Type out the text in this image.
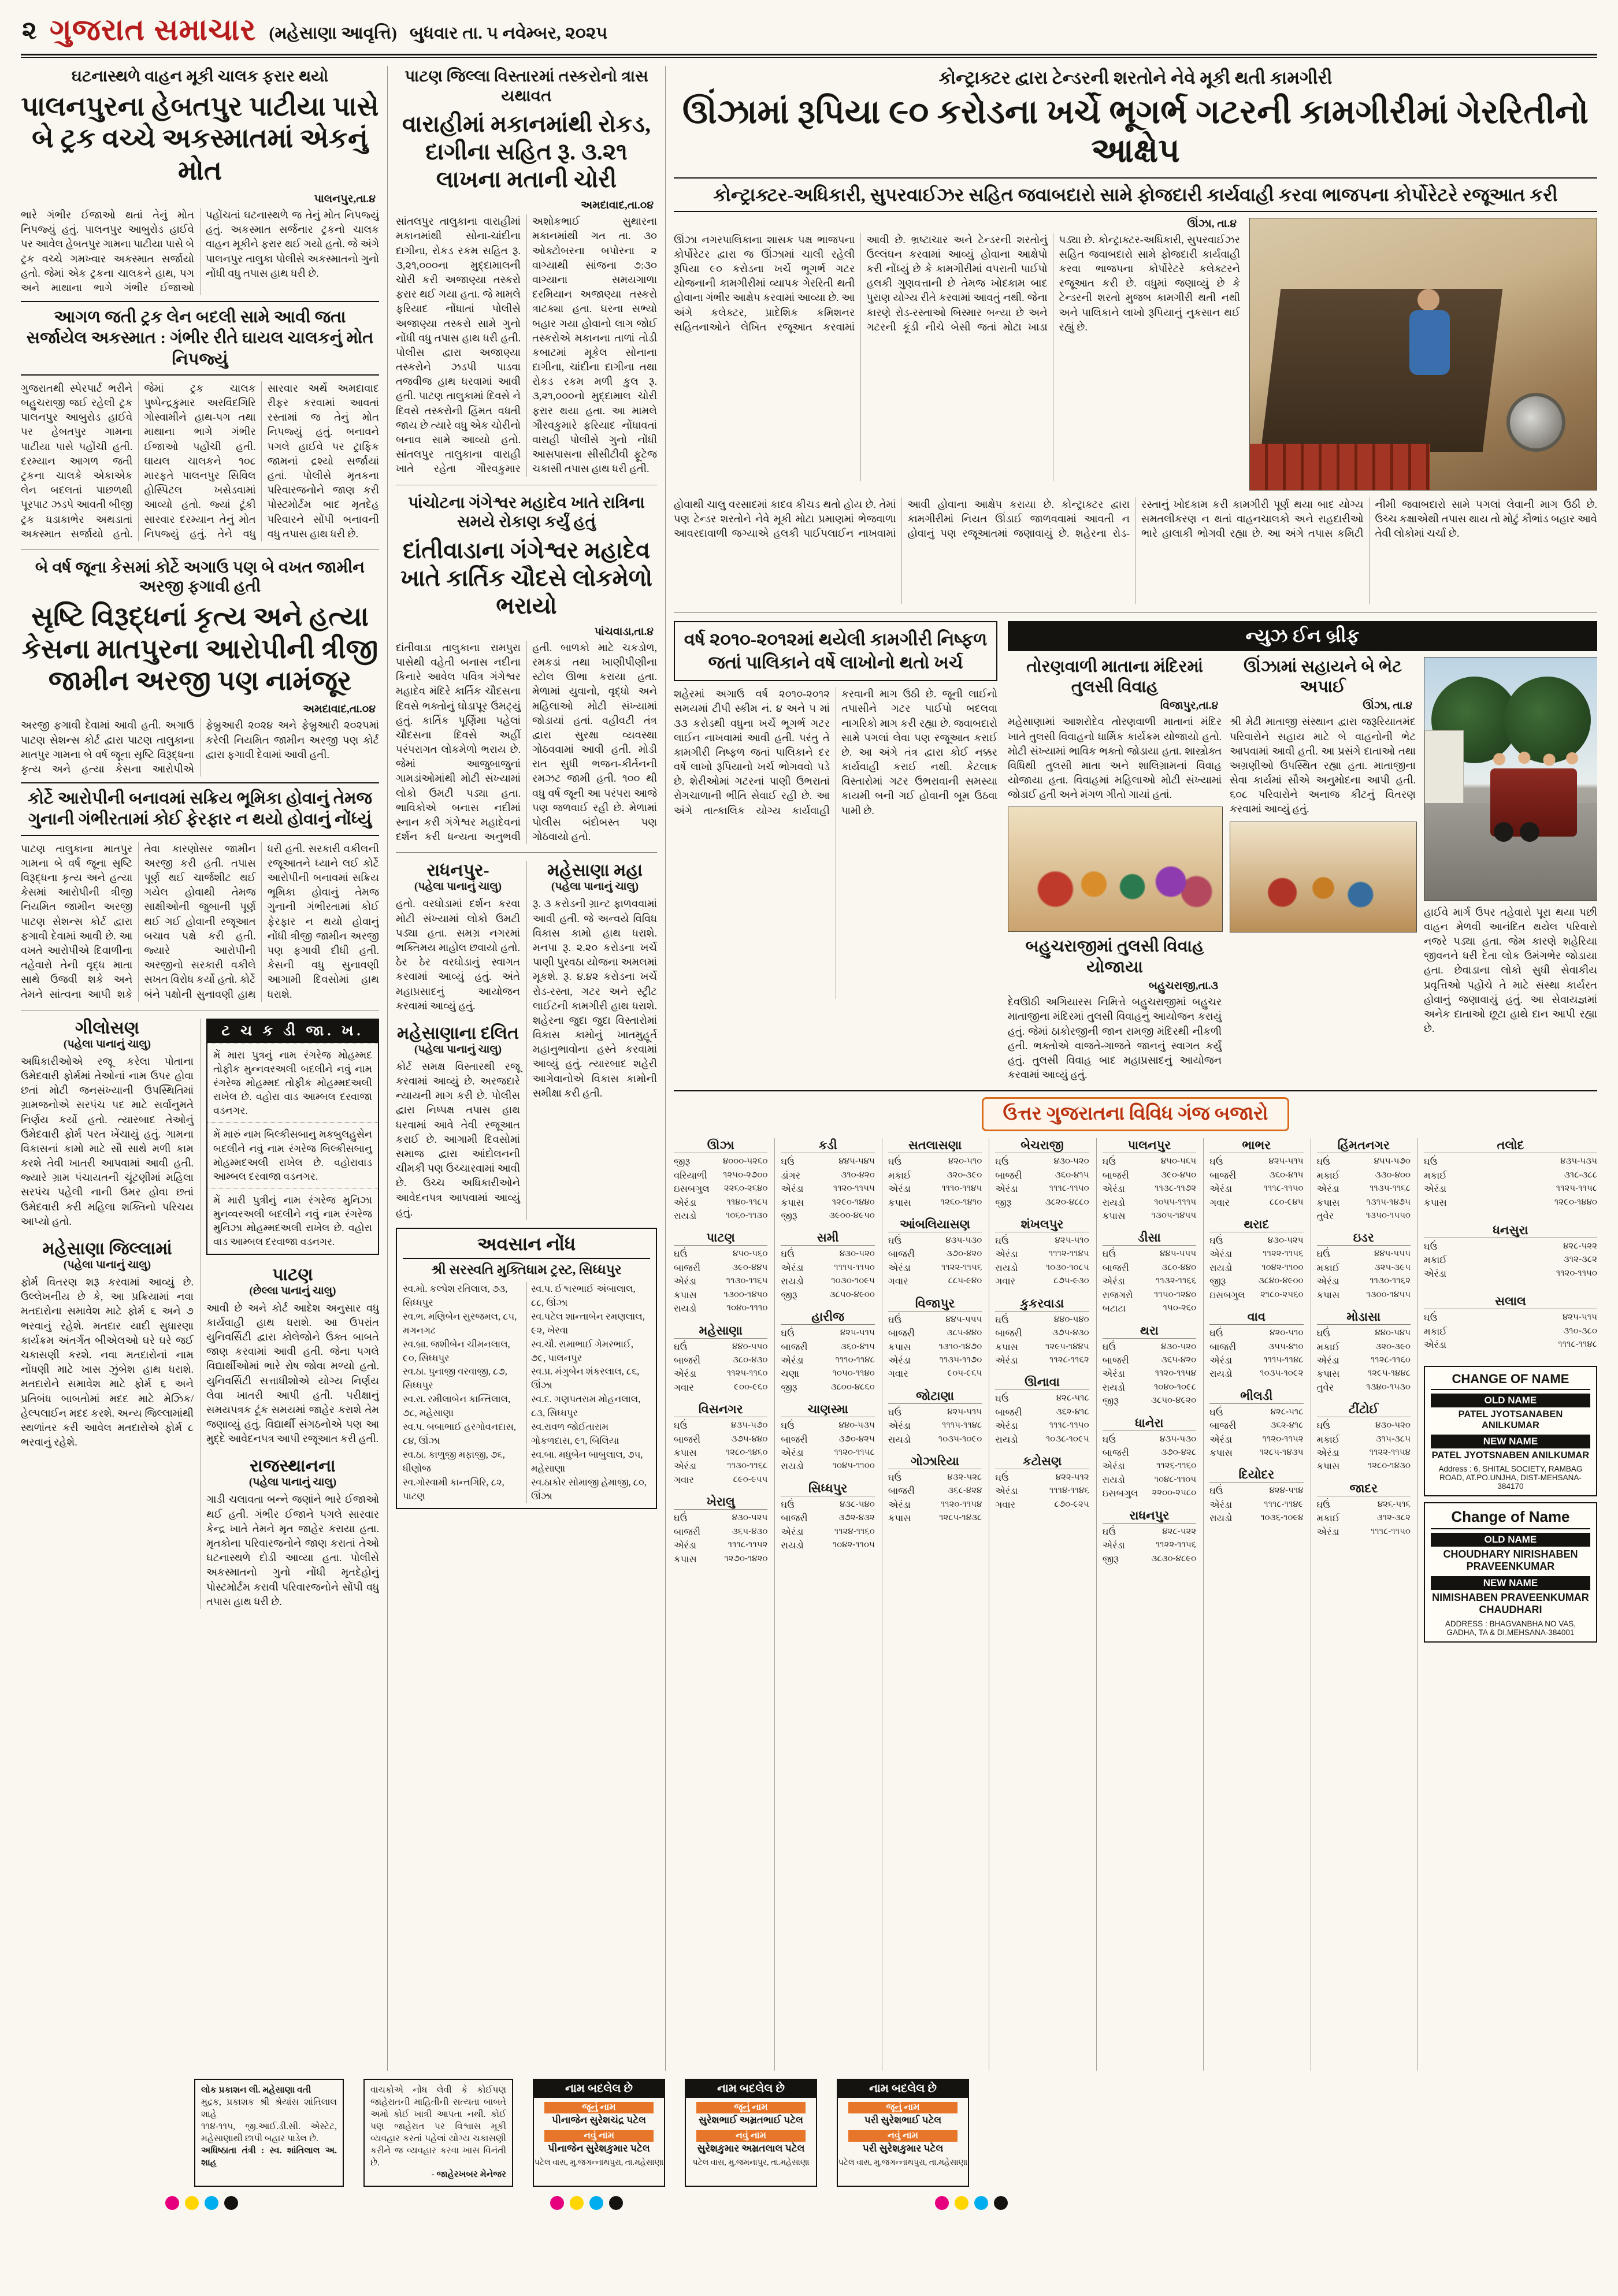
૨ ગુજરાત સમાચાર (મહેસાણા આવૃત્તિ) બુધવાર તા. ૫ નવેમ્બર, ૨૦૨૫
ઘટનાસ્થળે વાહન મૂકી ચાલક ફરાર થયો
પાલનપુરના હેબતપુર પાટીયા પાસે બે ટ્રક વચ્ચે અકસ્માતમાં એકનું મોત
પાલનપુર,તા.૪

ભારે ગંભીર ઈજાઓ થતાં તેનું મોત નિપજ્યું હતું. પાલનપુર આબુરોડ હાઈવે પર આવેલ હેબતપુર ગામના પાટીયા પાસે બે ટ્રક વચ્ચે ગમખ્વાર અકસ્માત સર્જાયો હતો. જેમાં એક ટ્રકના ચાલકને હાથ, પગ અને માથાના ભાગે ગંભીર ઈજાઓ પહોંચતાં ઘટનાસ્થળે જ તેનું મોત નિપજ્યું હતું. અકસ્માત સર્જનાર ટ્રકનો ચાલક વાહન મૂકીને ફરાર થઈ ગયો હતો. જે અંગે પાલનપુર તાલુકા પોલીસે અકસ્માતનો ગુનો નોંધી વધુ તપાસ હાથ ધરી છે.

આગળ જતી ટ્રક લેન બદલી સામે આવી જતા સર્જાયેલ અકસ્માત : ગંભીર રીતે ઘાયલ ચાલકનું મોત નિપજ્યું

ગુજરાતથી સ્પેરપાર્ટ ભરીને બહુચરાજી જઈ રહેલી ટ્રક પાલનપુર આબુરોડ હાઈવે પર હેબતપુર ગામના પાટીયા પાસે પહોંચી હતી. દરમ્યાન આગળ જતી ટ્રકના ચાલકે એકાએક લેન બદલતાં પાછળથી પૂરપાટ ઝડપે આવતી બીજી ટ્રક ધડાકાભેર અથડાતાં અકસ્માત સર્જાયો હતો. જેમાં ટ્રક ચાલક પુષ્પેન્દ્રકુમાર અરવિંદગિરિ ગોસ્વામીને હાથ-પગ તથા માથાના ભાગે ગંભીર ઈજાઓ પહોંચી હતી. ઘાયલ ચાલકને ૧૦૮ મારફતે પાલનપુર સિવિલ હોસ્પિટલ ખસેડવામાં આવ્યો હતો. જ્યાં ટૂંકી સારવાર દરમ્યાન તેનું મોત નિપજ્યું હતું. તેને વધુ સારવાર અર્થે અમદાવાદ રીફર કરવામાં આવતાં રસ્તામાં જ તેનું મોત નિપજ્યું હતું. બનાવને પગલે હાઈવે પર ટ્રાફિક જામનાં દ્રશ્યો સર્જાયાં હતાં. પોલીસે મૃતકના પરિવારજનોને જાણ કરી પોસ્ટમોર્ટમ બાદ મૃતદેહ પરિવારને સોંપી બનાવની વધુ તપાસ હાથ ધરી છે.

બે વર્ષ જૂના કેસમાં કોર્ટે અગાઉ પણ બે વખત જામીન અરજી ફગાવી હતી
સૃષ્ટિ વિરૂદ્ધનાં કૃત્ય અને હત્યા કેસના માતપુરના આરોપીની ત્રીજી જામીન અરજી પણ નામંજૂર
અમદાવાદ,તા.૦૪

અરજી ફગાવી દેવામાં આવી હતી. અગાઉ પાટણ સેશન્સ કોર્ટ દ્વારા પાટણ તાલુકાના માતપુર ગામના બે વર્ષ જૂના સૃષ્ટિ વિરૂદ્ધના કૃત્ય અને હત્યા કેસના આરોપીએ ફેબ્રુઆરી ૨૦૨૪ અને ફેબ્રુઆરી ૨૦૨૫માં કરેલી નિયમિત જામીન અરજી પણ કોર્ટ દ્વારા ફગાવી દેવામાં આવી હતી.

કોર્ટે આરોપીની બનાવમાં સક્રિય ભૂમિકા હોવાનું તેમજ ગુનાની ગંભીરતામાં કોઈ ફેરફાર ન થયો હોવાનું નોંધ્યું

પાટણ તાલુકાના માતપુર ગામના બે વર્ષ જૂના સૃષ્ટિ વિરૂદ્ધના કૃત્ય અને હત્યા કેસમાં આરોપીની ત્રીજી નિયમિત જામીન અરજી પાટણ સેશન્સ કોર્ટ દ્વારા ફગાવી દેવામાં આવી છે. આ વખતે આરોપીએ દિવાળીના તહેવારો તેની વૃદ્ધ માતા સાથે ઉજવી શકે અને તેમને સાંત્વના આપી શકે તેવા કારણોસર જામીન અરજી કરી હતી. તપાસ પૂર્ણ થઈ ચાર્જશીટ થઈ ગયેલ હોવાથી તેમજ સાક્ષીઓની જુબાની પૂર્ણ થઈ ગઈ હોવાની રજૂઆત બચાવ પક્ષે કરી હતી. જ્યારે આરોપીની અરજીનો સરકારી વકીલે સખત વિરોધ કર્યો હતો. કોર્ટે બંને પક્ષોની સુનાવણી હાથ ધરી હતી. સરકારી વકીલની રજૂઆતને ધ્યાને લઈ કોર્ટે આરોપીની બનાવમાં સક્રિય ભૂમિકા હોવાનું તેમજ ગુનાની ગંભીરતામાં કોઈ ફેરફાર ન થયો હોવાનું નોંધી ત્રીજી જામીન અરજી પણ ફગાવી દીધી હતી. કેસની વધુ સુનાવણી આગામી દિવસોમાં હાથ ધરાશે.

ગીલોસણ
(પહેલા પાનાનું ચાલુ)

અધિકારીઓએ રજૂ કરેલા પોતાના ઉમેદવારી ફોર્મમાં તેઓનાં નામ ઉપર હોવા છતાં મોટી જનસંખ્યાની ઉપસ્થિતિમાં ગ્રામજનોએ સરપંચ પદ માટે સર્વાનુમતે નિર્ણય કર્યો હતો. ત્યારબાદ તેઓનું ઉમેદવારી ફોર્મ પરત ખેંચાયું હતું. ગામના વિકાસનાં કામો માટે સૌ સાથે મળી કામ કરશે તેવી ખાતરી આપવામાં આવી હતી. જ્યારે ગ્રામ પંચાયતની ચૂંટણીમાં મહિલા સરપંચ પહેલી નાની ઉમર હોવા છતાં ઉમેદવારી કરી મહિલા શક્તિનો પરિચય આપ્યો હતો.

મહેસાણા જિલ્લામાં
(પહેલા પાનાનું ચાલુ)

ફોર્મ વિતરણ શરૂ કરવામાં આવ્યું છે. ઉલ્લેખનીય છે કે, આ પ્રક્રિયામાં નવા મતદારોના સમાવેશ માટે ફોર્મ ૬ અને ૭ ભરવાનું રહેશે. મતદાર યાદી સુધારણા કાર્યક્રમ અંતર્ગત બીએલઓ ઘરે ઘરે જઈ ચકાસણી કરશે. નવા મતદારોનાં નામ નોંધણી માટે ખાસ ઝુંબેશ હાથ ધરાશે. મતદારોને સમાવેશ માટે ફોર્મ ૬ અને પ્રતિબંધ બાબતોમાં મદદ માટે મેઝિક/હેલ્પલાઈન મદદ કરશે. અન્ય જિલ્લામાંથી સ્થળાંતર કરી આવેલ મતદારોએ ફોર્મ ૮ ભરવાનું રહેશે.

ટ ચ ક ડી જા. ખ.
મેં મારા પુત્રનું નામ રંગરેજ મોહમ્મદ તોફીક મુન્નવરઅલી બદલીને નવું નામ રંગરેજ મોહમ્મદ તોફીક મોહમ્મદઅલી રાખેલ છે. વહોરા વાડ આમ્બલ દરવાજા વડનગર.
મેં મારું નામ બિલ્કીસબાનુ મકબુલહુસેન બદલીને નવું નામ રંગરેજ બિલ્કીસબાનુ મોહમ્મદઅલી રાખેલ છે. વહોરાવાડ આમ્બલ દરવાજા વડનગર.
મેં મારી પુત્રીનું નામ રંગરેજ મુનિઝા મુનવ્વરઅલી બદલીને નવું નામ રંગરેજ મુનિઝા મોહમ્મદઅલી રાખેલ છે. વહોરા વાડ આમ્બલ દરવાજા વડનગર.
પાટણ
(છેલ્લા પાનાનું ચાલુ)

આવી છે અને કોર્ટ આદેશ અનુસાર વધુ કાર્યવાહી હાથ ધરાશે. આ ઉપરાંત યુનિવર્સિટી દ્વારા કોલેજોને ઉક્ત બાબતે જાણ કરવામાં આવી હતી. જેના પગલે વિદ્યાર્થીઓમાં ભારે રોષ જોવા મળ્યો હતો. યુનિવર્સિટી સત્તાધીશોએ યોગ્ય નિર્ણય લેવા ખાતરી આપી હતી. પરીક્ષાનું સમયપત્રક ટૂંક સમયમાં જાહેર કરાશે તેમ જણાવ્યું હતું. વિદ્યાર્થી સંગઠનોએ પણ આ મુદ્દે આવેદનપત્ર આપી રજૂઆત કરી હતી.

રાજસ્થાનના
(પહેલા પાનાનું ચાલુ)

ગાડી ચલાવતા બન્ને જણાંને ભારે ઈજાઓ થઈ હતી. ગંભીર ઈજાને પગલે સારવાર કેન્દ્ર ખાતે તેમને મૃત જાહેર કરાયા હતા. મૃતકોના પરિવારજનોને જાણ કરાતાં તેઓ ઘટનાસ્થળે દોડી આવ્યા હતા. પોલીસે અકસ્માતનો ગુનો નોંધી મૃતદેહોનું પોસ્ટમોર્ટમ કરાવી પરિવારજનોને સોંપી વધુ તપાસ હાથ ધરી છે.

પાટણ જિલ્લા વિસ્તારમાં તસ્કરોનો ત્રાસ યથાવત
વારાહીમાં મકાનમાંથી રોકડ, દાગીના સહિત રૂ. ૩.૨૧ લાખના મતાની ચોરી
અમદાવાદ,તા.૦૪

સાંતલપુર તાલુકાના વારાહીમાં મકાનમાંથી સોના-ચાંદીના દાગીના, રોકડ રકમ સહિત રૂ. ૩,૨૧,૦૦૦ના મુદ્દામાલની ચોરી કરી અજાણ્યા તસ્કરો ફરાર થઈ ગયા હતા. જે મામલે ફરિયાદ નોંધાતાં પોલીસે અજાણ્યા તસ્કરો સામે ગુનો નોંધી વધુ તપાસ હાથ ધરી હતી. પોલીસ દ્વારા અજાણ્યા તસ્કરોને ઝડપી પાડવા તજવીજ હાથ ધરવામાં આવી હતી. પાટણ તાલુકામાં દિવસે ને દિવસે તસ્કરોની હિંમત વધતી જાય છે ત્યારે વધુ એક ચોરીનો બનાવ સામે આવ્યો હતો. સાંતલપુર તાલુકાના વારાહી ખાતે રહેતા ગૌરવકુમાર અશોકભાઈ સુથારના મકાનમાંથી ગત તા. ૩૦ ઓક્ટોબરના બપોરના ૨ વાગ્યાથી સાંજના ૭:૩૦ વાગ્યાના સમયગાળા દરમિયાન અજાણ્યા તસ્કરો ત્રાટક્યા હતા. ઘરના સભ્યો બહાર ગયા હોવાનો લાગ જોઈ તસ્કરોએ મકાનના તાળાં તોડી કબાટમાં મૂકેલ સોનાના દાગીના, ચાંદીના દાગીના તથા રોકડ રકમ મળી કુલ રૂ. ૩,૨૧,૦૦૦નો મુદ્દામાલ ચોરી ફરાર થયા હતા. આ મામલે ગૌરવકુમારે ફરિયાદ નોંધાવતાં વારાહી પોલીસે ગુનો નોંધી આસપાસના સીસીટીવી ફૂટેજ ચકાસી તપાસ હાથ ધરી હતી.

પાંચોટના ગંગેશ્વર મહાદેવ ખાતે રાત્રિના સમયે રોકાણ કર્યું હતું
દાંતીવાડાના ગંગેશ્વર મહાદેવ ખાતે કાર્તિક ચૌદસે લોકમેળો ભરાયો
પાંચવાડા,તા.૪

દાંતીવાડા તાલુકાના રામપુરા પાસેથી વહેતી બનાસ નદીના કિનારે આવેલ પવિત્ર ગંગેશ્વર મહાદેવ મંદિરે કાર્તિક ચૌદસના દિવસે ભક્તોનું ઘોડાપૂર ઉમટ્યું હતું. કાર્તિક પૂર્ણિમા પહેલાં ચૌદસના દિવસે અહીં પરંપરાગત લોકમેળો ભરાય છે. જેમાં આજુબાજુનાં ગામડાંઓમાંથી મોટી સંખ્યામાં લોકો ઉમટી પડ્યા હતા. ભાવિકોએ બનાસ નદીમાં સ્નાન કરી ગંગેશ્વર મહાદેવનાં દર્શન કરી ધન્યતા અનુભવી હતી. બાળકો માટે ચકડોળ, રમકડાં તથા ખાણીપીણીના સ્ટોલ ઊભા કરાયા હતા. મેળામાં યુવાનો, વૃદ્ધો અને મહિલાઓ મોટી સંખ્યામાં જોડાયાં હતાં. વહીવટી તંત્ર દ્વારા સુરક્ષા વ્યવસ્થા ગોઠવવામાં આવી હતી. મોડી રાત સુધી ભજન-કીર્તનની રમઝટ જામી હતી. ૧૦૦ થી વધુ વર્ષ જૂની આ પરંપરા આજે પણ જળવાઈ રહી છે. મેળામાં પોલીસ બંદોબસ્ત પણ ગોઠવાયો હતો.

રાધનપુર-
(પહેલા પાનાનું ચાલુ)

હતો. વરઘોડામાં દર્શન કરવા મોટી સંખ્યામાં લોકો ઉમટી પડ્યા હતા. સમગ્ર નગરમાં ભક્તિમય માહોલ છવાયો હતો. ઠેર ઠેર વરઘોડાનું સ્વાગત કરવામાં આવ્યું હતું. અંતે મહાપ્રસાદનું આયોજન કરવામાં આવ્યું હતું.

મહેસાણાના દલિત
(પહેલા પાનાનું ચાલુ)

કોર્ટ સમક્ષ વિસ્તારથી રજૂ કરવામાં આવ્યું છે. અરજદારે ન્યાયની માગ કરી છે. પોલીસ દ્વારા નિષ્પક્ષ તપાસ હાથ ધરવામાં આવે તેવી રજૂઆત કરાઈ છે. આગામી દિવસોમાં સમાજ દ્વારા આંદોલનની ચીમકી પણ ઉચ્ચારવામાં આવી છે. ઉચ્ચ અધિકારીઓને આવેદનપત્ર આપવામાં આવ્યું હતું.

મહેસાણા મહા
(પહેલા પાનાનું ચાલુ)

રૂ. ૩ કરોડની ગ્રાન્ટ ફાળવવામાં આવી હતી. જે અન્વયે વિવિધ વિકાસ કામો હાથ ધરાશે. મનપા રૂ. ૨.૨૦ કરોડના ખર્ચે પાણી પુરવઠા યોજના અમલમાં મૂકશે. રૂ. ૪.૪૨ કરોડના ખર્ચે રોડ-રસ્તા, ગટર અને સ્ટ્રીટ લાઈટની કામગીરી હાથ ધરાશે. શહેરના જુદા જુદા વિસ્તારોમાં વિકાસ કામોનું ખાતમુહૂર્ત મહાનુભાવોના હસ્તે કરવામાં આવ્યું હતું. ત્યારબાદ શહેરી આગેવાનોએ વિકાસ કામોની સમીક્ષા કરી હતી.

અવસાન નોંધ
શ્રી સરસ્વતિ મુક્તિધામ ટ્રસ્ટ, સિધ્ધપુર
સ્વ.મો. કલ્પેશ રતિલાલ, ૭૩, સિધ્ધપુર
સ્વ.ભ. મણિબેન સુરજમલ, ૮૫, મગનગઢ
સ્વ.બ્રા. જશીબેન ચીમનલાલ, ૯૦, સિધ્ધપુર
સ્વ.ઠા. પુનાજી વરવાજી, ૮૭, સિધ્ધપુર
સ્વ.રા. રમીલાબેન કાન્તિલાલ, ૭૮, મહેસાણા
સ્વ.પ. બબાભાઈ હરગોવનદાસ, ૮૪, ઊંઝા
સ્વ.ઠા. કાળુજી મફાજી, ૭૬, ધીણોજ
સ્વ.ગોસ્વામી કાન્તગિરિ, ૮૨, પાટણ
સ્વ.પ. ઈશ્વરભાઈ અંબાલાલ, ૮૮, ઊંઝા
સ્વ.પટેલ શાન્તાબેન રમણલાલ, ૯૨, ખેરવા
સ્વ.ચૌ. રામાભાઈ ગેમરભાઈ, ૭૯, પાલનપુર
સ્વ.પ્ર. મંગુબેન શંકરલાલ, ૮૬, ઊંઝા
સ્વ.દ. ગણપતરામ મોહનલાલ, ૮૩, સિધ્ધપુર
સ્વ.રાવળ જોઈતારામ ગોકળદાસ, ૯૧, બિલિયા
સ્વ.બા. મધુબેન બાબુલાલ, ૭૫, મહેસાણા
સ્વ.ઠાકોર સોમાજી હેમાજી, ૮૦, ઊંઝા
કોન્ટ્રાક્ટર દ્વારા ટેન્ડરની શરતોને નેવે મૂકી થતી કામગીરી
ઊંઝામાં રૂપિયા ૯૦ કરોડના ખર્ચે ભૂગર્ભ ગટરની કામગીરીમાં ગેરરિતીનો આક્ષેપ
કોન્ટ્રાક્ટર-અધિકારી, સુપરવાઈઝર સહિત જવાબદારો સામે ફોજદારી કાર્યવાહી કરવા ભાજપના કોર્પોરેટરે રજૂઆત કરી
ઊંઝા, તા.૪

ઊંઝા નગરપાલિકાના શાસક પક્ષ ભાજપના કોર્પોરેટર દ્વારા જ ઊંઝામાં ચાલી રહેલી રૂપિયા ૯૦ કરોડના ખર્ચે ભૂગર્ભ ગટર યોજનાની કામગીરીમાં વ્યાપક ગેરરિતી થતી હોવાના ગંભીર આક્ષેપ કરવામાં આવ્યા છે. આ અંગે કલેક્ટર, પ્રાદેશિક કમિશનર સહિતનાઓને લેખિત રજૂઆત કરવામાં આવી છે. ભ્રષ્ટાચાર અને ટેન્ડરની શરતોનું ઉલ્લંઘન કરવામાં આવ્યું હોવાના આક્ષેપો કરી નોંધ્યું છે કે કામગીરીમાં વપરાતી પાઈપો હલકી ગુણવત્તાની છે તેમજ ખોદકામ બાદ પુરાણ યોગ્ય રીતે કરવામાં આવતું નથી. જેના કારણે રોડ-રસ્તાઓ બિસ્માર બન્યા છે અને ગટરની કૂંડી નીચે બેસી જતાં મોટા ખાડા પડ્યા છે. કોન્ટ્રાક્ટર-અધિકારી, સુપરવાઈઝર સહિત જવાબદારો સામે ફોજદારી કાર્યવાહી કરવા ભાજપના કોર્પોરેટરે કલેક્ટરને રજૂઆત કરી છે. વધુમાં જણાવ્યું છે કે ટેન્ડરની શરતો મુજબ કામગીરી થતી નથી અને પાલિકાને લાખો રૂપિયાનું નુકસાન થઈ રહ્યું છે.

હોવાથી ચાલુ વરસાદમાં કાદવ કીચડ થતો હોય છે. તેમાં પણ ટેન્ડર શરતોને નેવે મૂકી મોટા પ્રમાણમાં ભેજવાળા આવરદાવાળી જગ્યાએ હલકી પાઈપલાઈન નાખવામાં આવી હોવાના આક્ષેપ કરાયા છે. કોન્ટ્રાક્ટર દ્વારા કામગીરીમાં નિયત ઊંડાઈ જાળવવામાં આવતી ન હોવાનું પણ રજૂઆતમાં જણાવાયું છે. શહેરના રોડ-રસ્તાનું ખોદકામ કરી કામગીરી પૂર્ણ થયા બાદ યોગ્ય સમતલીકરણ ન થતાં વાહનચાલકો અને રાહદારીઓ ભારે હાલાકી ભોગવી રહ્યા છે. આ અંગે તપાસ કમિટી નીમી જવાબદારો સામે પગલાં લેવાની માગ ઉઠી છે. ઉચ્ચ કક્ષાએથી તપાસ થાય તો મોટું કૌભાંડ બહાર આવે તેવી લોકોમાં ચર્ચા છે.

વર્ષ ૨૦૧૦-૨૦૧૨માં થયેલી કામગીરી નિષ્ફળ જતાં પાલિકાને વર્ષે લાખોનો થતો ખર્ચ

શહેરમાં અગાઉ વર્ષ ૨૦૧૦-૨૦૧૨ સમયમાં ટીપી સ્કીમ નં. ૪ અને ૫ માં ૩૩ કરોડથી વધુના ખર્ચે ભૂગર્ભ ગટર લાઈન નાખવામાં આવી હતી. પરંતુ તે કામગીરી નિષ્ફળ જતાં પાલિકાને દર વર્ષે લાખો રૂપિયાનો ખર્ચ ભોગવવો પડે છે. શેરીઓમાં ગટરનાં પાણી ઉભરાતાં રોગચાળાની ભીતિ સેવાઈ રહી છે. આ અંગે તાત્કાલિક યોગ્ય કાર્યવાહી કરવાની માગ ઉઠી છે. જૂની લાઈનો તપાસીને ગટર પાઈપો બદલવા નાગરિકો માગ કરી રહ્યા છે. જવાબદારો સામે પગલાં લેવા પણ રજૂઆત કરાઈ છે. આ અંગે તંત્ર દ્વારા કોઈ નક્કર કાર્યવાહી કરાઈ નથી. કેટલાક વિસ્તારોમાં ગટર ઉભરાવાની સમસ્યા કાયમી બની ગઈ હોવાની બૂમ ઉઠવા પામી છે.

ન્યુઝ ઈન બ્રીફ
તોરણવાળી માતાના મંદિરમાં તુલસી વિવાહ
વિજાપુર,તા.૪

મહેસાણામાં આશરોદેવ તોરણવાળી માતાનાં મંદિર ખાતે તુલસી વિવાહનો ધાર્મિક કાર્યક્રમ યોજાયો હતો. મોટી સંખ્યામાં ભાવિક ભક્તો જોડાયા હતા. શાસ્ત્રોક્ત વિધિથી તુલસી માતા અને શાલિગ્રામનાં વિવાહ યોજાયા હતા. વિવાહમાં મહિલાઓ મોટી સંખ્યામાં જોડાઈ હતી અને મંગળ ગીતો ગાયાં હતાં.

બહુચરાજીમાં તુલસી વિવાહ યોજાયા
બહુચરાજી,તા.૩

દેવઊઠી અગિયારસ નિમિત્તે બહુચરાજીમાં બહુચર માતાજીના મંદિરમાં તુલસી વિવાહનું આયોજન કરાયું હતું. જેમાં ઠાકોરજીની જાન રામજી મંદિરથી નીકળી હતી. ભક્તોએ વાજતે-ગાજતે જાનનું સ્વાગત કર્યું હતું. તુલસી વિવાહ બાદ મહાપ્રસાદનું આયોજન કરવામાં આવ્યું હતું.

ઊંઝામાં સહાયને બે ભેટ અપાઈ
ઊંઝા, તા.૪

શ્રી મેઢી માતાજી સંસ્થાન દ્વારા જરૂરિયાતમંદ પરિવારોને સહાય માટે બે વાહનોની ભેટ આપવામાં આવી હતી. આ પ્રસંગે દાતાઓ તથા અગ્રણીઓ ઉપસ્થિત રહ્યા હતા. માતાજીના સેવા કાર્યમાં સૌએ અનુમોદના આપી હતી. ૬૦૮ પરિવારોને અનાજ કીટનું વિતરણ કરવામાં આવ્યું હતું.

હાઈવે માર્ગ ઉપર તહેવારો પૂરા થયા પછી વાહન મેળવી આનંદિત થયેલ પરિવારો નજરે પડ્યા હતા. જેમ કારણે શહેરિયા જીવનને ધરી દેતા લોક ઉમંગભેર જોડાયા હતા. છેવાડાના લોકો સુધી સેવાકીય પ્રવૃત્તિઓ પહોંચે તે માટે સંસ્થા કાર્યરત હોવાનું જણાવાયું હતું. આ સેવાયજ્ઞમાં અનેક દાતાઓ છૂટા હાથે દાન આપી રહ્યા છે.

ઉત્તર ગુજરાતના વિવિધ ગંજ બજારો
ઊંઝા
જીરૂ	૪૦૦૦-૫૨૬૦
વરિયાળી ૧૨૫૦-૨૭૦૦
ઇસબગુલ ૨૨૬૦-૨૬૪૦
એરંડા	૧૧૪૦-૧૧૮૫
રાયડો	૧૦૬૦-૧૧૩૦
પાટણ
ઘઉં	૪૫૦-૫૬૦
બાજરી	૩૯૦-૪૪૫
એરંડા	૧૧૩૦-૧૧૬૫
કપાસ	૧૩૦૦-૧૪૫૦
રાયડો	૧૦૪૦-૧૧૧૦
મહેસાણા
ઘઉં	૪૪૦-૫૫૦
બાજરી	૩૮૦-૪૩૦
એરંડા	૧૧૨૫-૧૧૬૦
ગવાર	૯૦૦-૯૬૦
વિસનગર
ઘઉં	૪૩૫-૫૭૦
બાજરી	૩૭૫-૪૪૦
કપાસ	૧૨૮૦-૧૪૬૦
એરંડા	૧૧૩૦-૧૧૬૮
ગવાર	૮૯૦-૯૫૫
ખેરાલુ
ઘઉં	૪૩૦-૫૨૫
બાજરી	૩૬૫-૪૩૦
એરંડા	૧૧૧૮-૧૧૫૨
કપાસ	૧૨૭૦-૧૪૨૦
કડી
ઘઉં	૪૪૫-૫૪૫
ડાંગર	૩૧૦-૪૨૦
એરંડા	૧૧૨૦-૧૧૫૫
કપાસ	૧૨૯૦-૧૪૪૦
જીરૂ	૩૯૦૦-૪૯૫૦
સમી
ઘઉં	૪૩૦-૫૨૦
એરંડા	૧૧૧૫-૧૧૫૦
રાયડો	૧૦૩૦-૧૦૯૫
જીરૂ	૩૮૫૦-૪૯૦૦
હારીજ
ઘઉં	૪૨૫-૫૧૫
બાજરી	૩૬૦-૪૧૫
એરંડા	૧૧૧૦-૧૧૪૮
ચણા	૧૦૫૦-૧૧૪૦
જીરૂ	૩૮૦૦-૪૮૬૦
ચાણસ્મા
ઘઉં	૪૪૦-૫૩૫
બાજરી	૩૭૦-૪૨૫
એરંડા	૧૧૨૦-૧૧૫૮
રાયડો	૧૦૪૫-૧૧૦૦
સિધ્ધપુર
ઘઉં	૪૩૮-૫૪૦
બાજરી	૩૭૨-૪૩૨
એરંડા	૧૧૨૪-૧૧૬૦
રાયડો	૧૦૪૨-૧૧૦૫
સતલાસણા
ઘઉં	૪૨૦-૫૧૦
મકાઈ	૩૨૦-૩૯૦
એરંડા	૧૧૧૦-૧૧૪૫
કપાસ	૧૨૬૦-૧૪૧૦
આંબલિયાસણ
ઘઉં	૪૩૫-૫૩૦
બાજરી	૩૭૦-૪૨૦
એરંડા	૧૧૨૨-૧૧૫૬
ગવાર	૮૮૫-૯૪૦
વિજાપુર
ઘઉં	૪૪૫-૫૫૫
બાજરી	૩૮૫-૪૪૦
કપાસ	૧૩૧૦-૧૪૭૦
એરંડા	૧૧૩૫-૧૧૭૦
ગવાર	૯૦૫-૯૬૫
જોટાણા
ઘઉં	૪૨૫-૫૧૫
એરંડા	૧૧૧૫-૧૧૪૮
રાયડો	૧૦૩૫-૧૦૯૦
ગોઝારિયા
ઘઉં	૪૩૨-૫૨૮
બાજરી	૩૬૮-૪૨૪
એરંડા	૧૧૨૦-૧૧૫૪
કપાસ	૧૨૮૫-૧૪૩૮
બેચરાજી
ઘઉં	૪૩૦-૫૨૦
બાજરી	૩૬૦-૪૧૫
એરંડા	૧૧૧૮-૧૧૫૦
જીરૂ	૩૮૨૦-૪૮૮૦
શંખલપુર
ઘઉં	૪૨૫-૫૧૦
એરંડા	૧૧૧૨-૧૧૪૫
રાયડો	૧૦૩૦-૧૦૮૫
ગવાર	૮૭૫-૯૩૦
કુકરવાડા
ઘઉં	૪૪૦-૫૪૦
બાજરી	૩૭૫-૪૩૦
કપાસ	૧૨૯૫-૧૪૪૫
એરંડા	૧૧૨૮-૧૧૬૨
ઊનાવા
ઘઉં	૪૨૮-૫૧૮
બાજરી	૩૬૨-૪૧૮
એરંડા	૧૧૧૮-૧૧૫૦
રાયડો	૧૦૩૮-૧૦૯૫
કટોસણ
ઘઉં	૪૨૨-૫૧૨
એરંડા	૧૧૧૪-૧૧૪૬
ગવાર	૮૭૦-૯૨૫
પાલનપુર
ઘઉં	૪૫૦-૫૬૫
બાજરી	૩૯૦-૪૫૦
એરંડા	૧૧૩૮-૧૧૭૨
રાયડો	૧૦૫૫-૧૧૧૫
કપાસ	૧૩૦૫-૧૪૫૫
ડીસા
ઘઉં	૪૪૫-૫૫૫
બાજરી	૩૮૦-૪૪૦
એરંડા	૧૧૩૨-૧૧૬૬
રાજગરો ૧૧૫૦-૧૨૪૦
બટાટા	૧૫૦-૨૬૦
થરા
ઘઉં	૪૩૦-૫૨૦
બાજરી	૩૬૫-૪૨૦
એરંડા	૧૧૨૦-૧૧૫૪
રાયડો	૧૦૪૦-૧૦૯૮
જીરૂ	૩૮૫૦-૪૯૨૦
ધાનેરા
ઘઉં	૪૩૫-૫૩૦
બાજરી	૩૭૦-૪૨૮
એરંડા	૧૧૨૬-૧૧૬૦
રાયડો	૧૦૪૮-૧૧૦૫
ઇસબગુલ ૨૨૦૦-૨૫૮૦
રાધનપુર
ઘઉં	૪૨૮-૫૨૨
એરંડા	૧૧૨૨-૧૧૫૬
જીરૂ	૩૮૩૦-૪૮૯૦
ભાભર
ઘઉં	૪૨૫-૫૧૫
બાજરી	૩૬૦-૪૧૫
એરંડા	૧૧૧૮-૧૧૫૦
ગવાર	૮૮૦-૯૪૫
થરાદ
ઘઉં	૪૩૦-૫૨૫
એરંડા	૧૧૨૨-૧૧૫૬
રાયડો	૧૦૪૨-૧૧૦૦
જીરૂ	૩૮૪૦-૪૯૦૦
ઇસબગુલ ૨૧૮૦-૨૫૬૦
વાવ
ઘઉં	૪૨૦-૫૧૦
બાજરી	૩૫૫-૪૧૦
એરંડા	૧૧૧૫-૧૧૪૮
રાયડો	૧૦૩૫-૧૦૯૨
ભીલડી
ઘઉં	૪૨૮-૫૧૮
બાજરી	૩૬૨-૪૧૮
એરંડા	૧૧૨૦-૧૧૫૨
કપાસ	૧૨૮૫-૧૪૩૫
દિયોદર
ઘઉં	૪૨૪-૫૧૪
એરંડા	૧૧૧૮-૧૧૪૯
રાયડો	૧૦૩૬-૧૦૯૪
હિંમતનગર
ઘઉં	૪૫૫-૫૭૦
મકાઈ	૩૩૦-૪૦૦
એરંડા	૧૧૩૫-૧૧૬૮
કપાસ	૧૩૧૫-૧૪૭૫
તુવેર	૧૩૫૦-૧૫૫૦
ઇડર
ઘઉં	૪૪૫-૫૫૫
મકાઈ	૩૨૫-૩૯૫
એરંડા	૧૧૩૦-૧૧૬૨
કપાસ	૧૩૦૦-૧૪૫૫
મોડાસા
ઘઉં	૪૪૦-૫૪૫
મકાઈ	૩૨૦-૩૯૦
એરંડા	૧૧૨૮-૧૧૬૦
કપાસ	૧૨૯૫-૧૪૪૮
તુવેર	૧૩૪૦-૧૫૩૦
ટીંટોઈ
ઘઉં	૪૩૦-૫૨૦
મકાઈ	૩૧૫-૩૮૫
એરંડા	૧૧૨૨-૧૧૫૪
કપાસ	૧૨૮૦-૧૪૩૦
જાદર
ઘઉં	૪૨૬-૫૧૬
મકાઈ	૩૧૨-૩૮૨
એરંડા	૧૧૧૮-૧૧૫૦
તલોદ
ઘઉં	૪૩૫-૫૩૫
મકાઈ	૩૧૮-૩૮૮
એરંડા	૧૧૨૫-૧૧૫૮
કપાસ	૧૨૯૦-૧૪૪૦
ધનસુરા
ઘઉં	૪૨૮-૫૨૨
મકાઈ	૩૧૨-૩૮૨
એરંડા	૧૧૨૦-૧૧૫૦
સલાલ
ઘઉં	૪૨૫-૫૧૫
મકાઈ	૩૧૦-૩૮૦
એરંડા	૧૧૧૮-૧૧૪૮
CHANGE OF NAME
OLD NAME
PATEL JYOTSANABEN ANILKUMAR
NEW NAME
PATEL JYOTSNABEN ANILKUMAR
Address : 6, SHITAL SOCIETY, RAMBAG ROAD, AT.PO.UNJHA, DIST-MEHSANA-384170
Change of Name
OLD NAME
CHOUDHARY NIRISHABEN PRAVEENKUMAR
NEW NAME
NIMISHABEN PRAVEENKUMAR CHAUDHARI
ADDRESS : BHAGVANBHA NO VAS, GADHA, TA & DI.MEHSANA-384001
લોક પ્રકાશન લી. મહેસાણા વતી
મુદ્રક, પ્રકાશક શ્રી શ્રેયાંસ શાંતિલાલ શાહે
૧૧૪-૧૧૫, જી.આઈ.ડી.સી. એસ્ટેટ, મહેસાણાથી છાપી બહાર પાડેલ છે.
અધિષ્ઠાતા તંત્રી : સ્વ. શાંતિલાલ અ. શાહ
વાચકોએ નોંધ લેવી કે કોઈપણ જાહેરાતની માહિતીની સત્યતા બાબતે અમો કોઈ ખાત્રી આપતા નથી. કોઈ પણ જાહેરાત પર વિશ્વાસ મૂકી વ્યવહાર કરતાં પહેલાં યોગ્ય ચકાસણી કરીને જ વ્યવહાર કરવા ખાસ વિનંતી છે.
- જાહેરખબર મેનેજર
નામ બદલેલ છે
જૂનું નામ
પીનાજેન સુરેશચંદ્ર પટેલ
નવું નામ
પીનાજેન સુરેશકુમાર પટેલ
પટેલ વાસ, મુ.જગન્નાથપુરા, તા.મહેસાણા
નામ બદલેલ છે
જૂનું નામ
સુરેશભાઈ અમ્રતભાઈ પટેલ
નવું નામ
સુરેશકુમાર અમ્રતલાલ પટેલ
પટેલ વાસ, મુ.જમનાપુર, તા.મહેસાણા
નામ બદલેલ છે
જૂનું નામ
પરી સુરેશભાઈ પટેલ
નવું નામ
પરી સુરેશકુમાર પટેલ
પટેલ વાસ, મુ.જગન્નાથપુરા, તા.મહેસાણા
